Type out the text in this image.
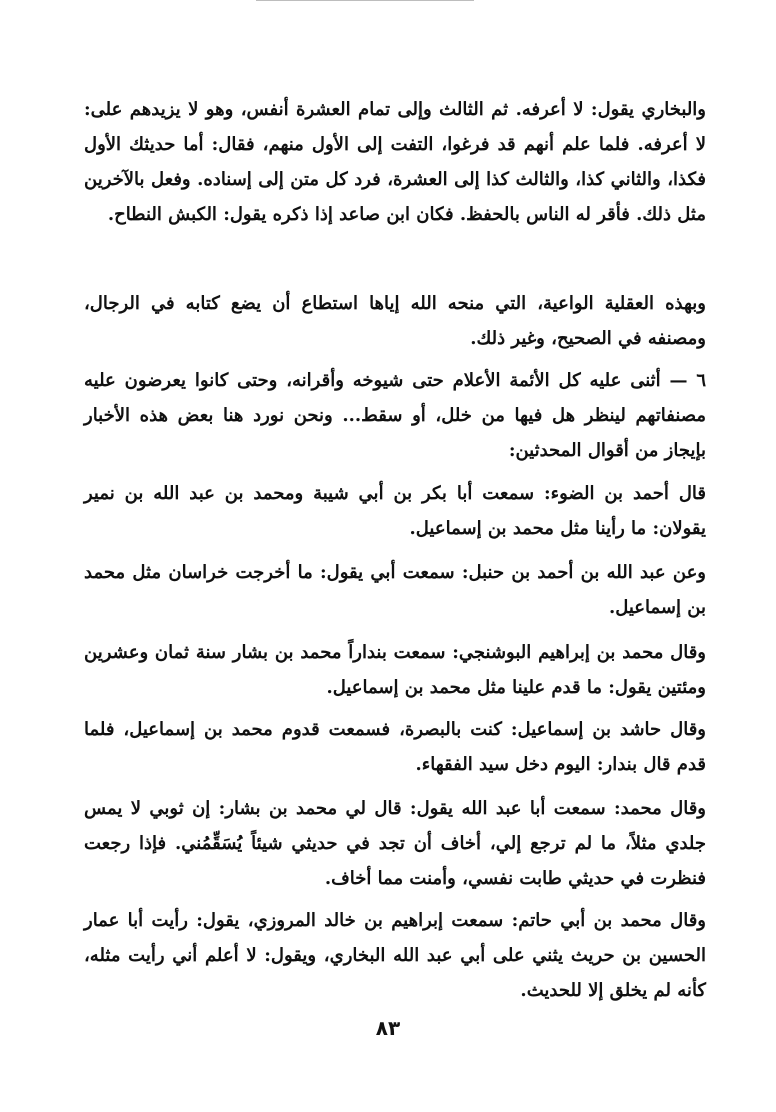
والبخاري يقول: لا أعرفه. ثم الثالث وإلى تمام العشرة أنفس، وهو لا يزيدهم على: لا أعرفه. فلما علم أنهم قد فرغوا، التفت إلى الأول منهم، فقال: أما حديثك الأول فكذا، والثاني كذا، والثالث كذا إلى العشرة، فرد كل متن إلى إسناده. وفعل بالآخرين مثل ذلك. فأقر له الناس بالحفظ. فكان ابن صاعد إذا ذكره يقول: الكبش النطاح.

وبهذه العقلية الواعية، التي منحه الله إياها استطاع أن يضع كتابه في الرجال، ومصنفه في الصحيح، وغير ذلك.

٦ — أثنى عليه كل الأئمة الأعلام حتى شيوخه وأقرانه، وحتى كانوا يعرضون عليه مصنفاتهم لينظر هل فيها من خلل، أو سقط... ونحن نورد هنا بعض هذه الأخبار بإيجاز من أقوال المحدثين:

قال أحمد بن الضوء: سمعت أبا بكر بن أبي شيبة ومحمد بن عبد الله بن نمير يقولان: ما رأينا مثل محمد بن إسماعيل.

وعن عبد الله بن أحمد بن حنبل: سمعت أبي يقول: ما أخرجت خراسان مثل محمد بن إسماعيل.

وقال محمد بن إبراهيم البوشنجي: سمعت بنداراً محمد بن بشار سنة ثمان وعشرين ومئتين يقول: ما قدم علينا مثل محمد بن إسماعيل.

وقال حاشد بن إسماعيل: كنت بالبصرة، فسمعت قدوم محمد بن إسماعيل، فلما قدم قال بندار: اليوم دخل سيد الفقهاء.

وقال محمد: سمعت أبا عبد الله يقول: قال لي محمد بن بشار: إن ثوبي لا يمس جلدي مثلاً، ما لم ترجع إلي، أخاف أن تجد في حديثي شيئاً يُسَقِّمُني. فإذا رجعت فنظرت في حديثي طابت نفسي، وأمنت مما أخاف.

وقال محمد بن أبي حاتم: سمعت إبراهيم بن خالد المروزي، يقول: رأيت أبا عمار الحسين بن حريث يثني على أبي عبد الله البخاري، ويقول: لا أعلم أني رأيت مثله، كأنه لم يخلق إلا للحديث.

٨٣
